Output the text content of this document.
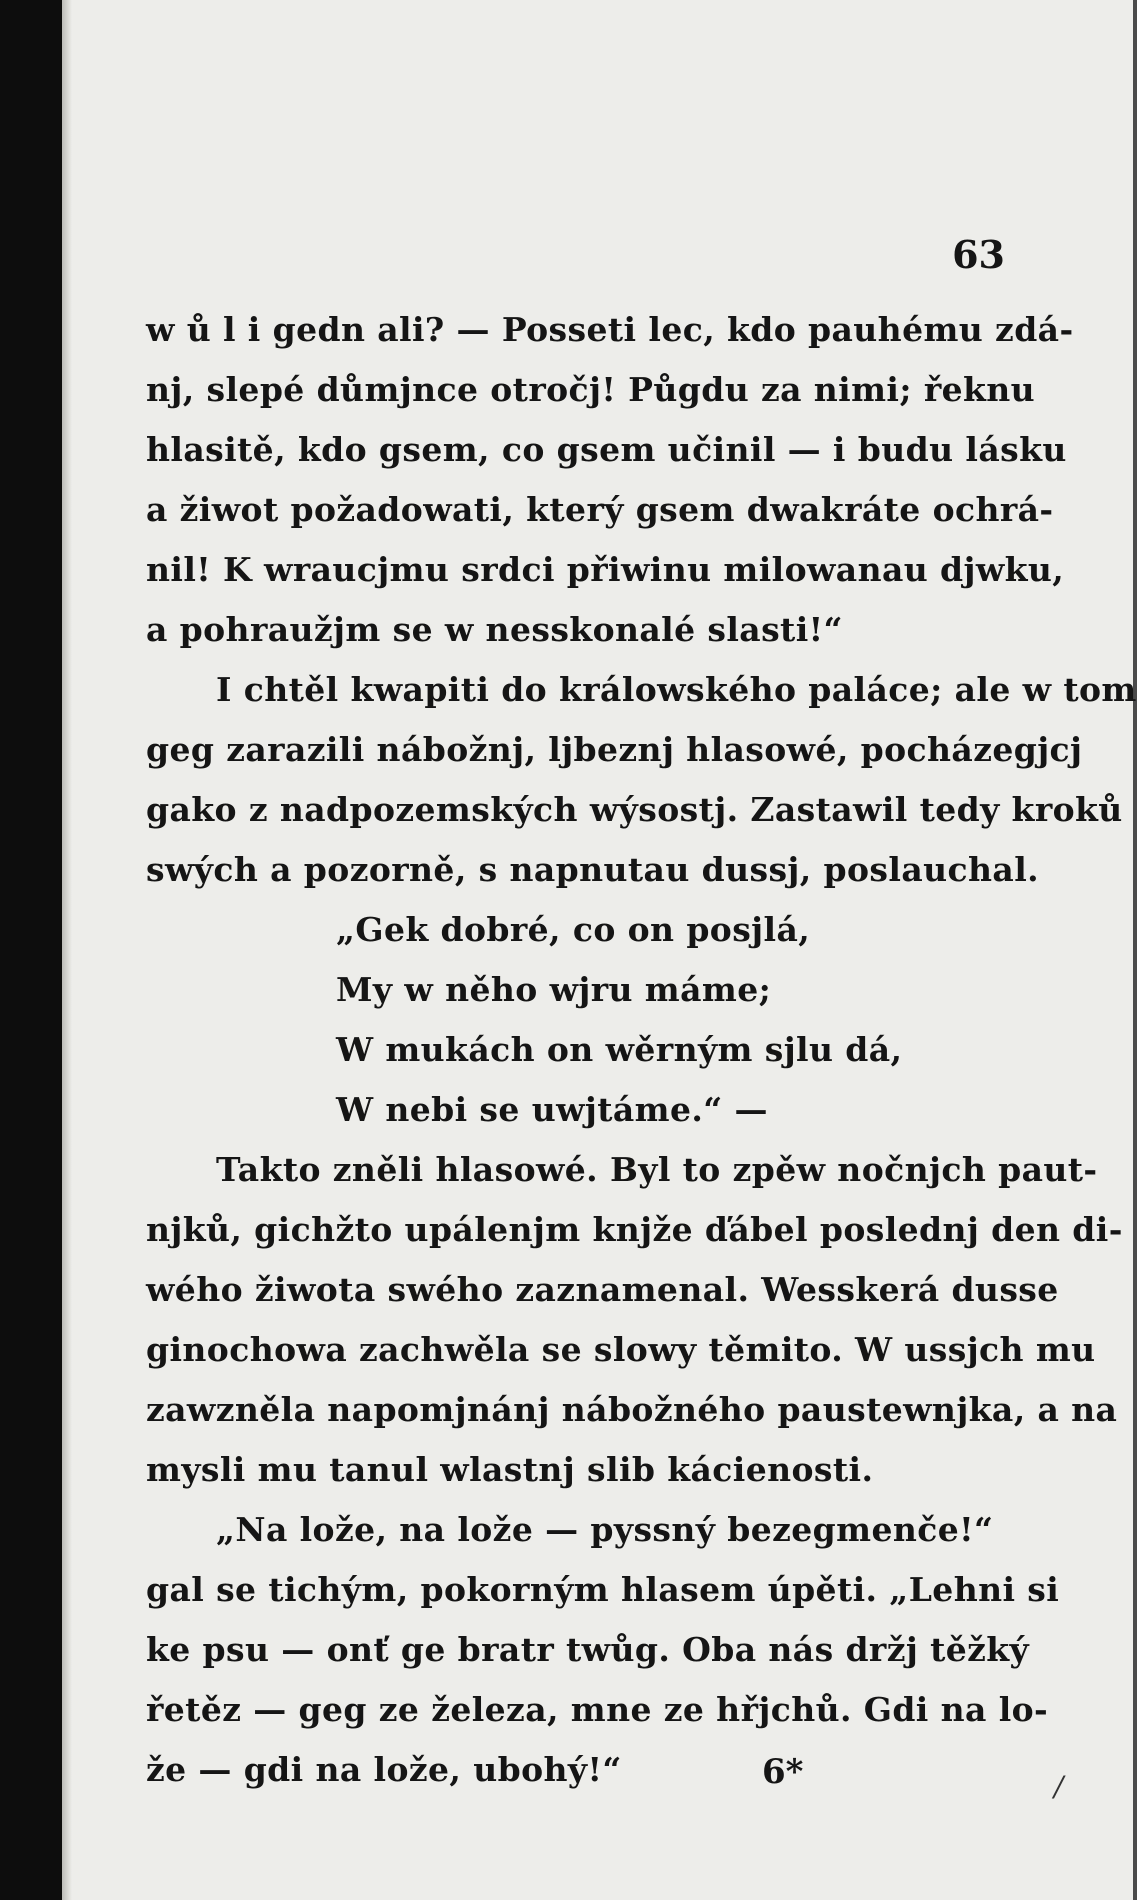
63
w ů l i gedn ali? — Posseti lec, kdo pauhému zdá-
nj, slepé důmjnce otročj! Půgdu za nimi; řeknu
hlasitě, kdo gsem, co gsem učinil — i budu lásku
a žiwot požadowati, který gsem dwakráte ochrá-
nil! K wraucjmu srdci přiwinu milowanau djwku,
a pohraužjm se w nesskonalé slasti!“
I chtěl kwapiti do králowského paláce; ale w tom
geg zarazili nábožnj, ljbeznj hlasowé, pocházegjcj
gako z nadpozemských wýsostj. Zastawil tedy kroků
swých a pozorně, s napnutau dussj, poslauchal.
„Gek dobré, co on posjlá,
My w něho wjru máme;
W mukách on wěrným sjlu dá,
W nebi se uwjtáme.“ —
Takto zněli hlasowé. Byl to zpěw nočnjch paut-
njků, gichžto upálenjm knjže ďábel poslednj den di-
wého žiwota swého zaznamenal. Wesskerá dusse
ginochowa zachwěla se slowy těmito. W ussjch mu
zawzněla napomjnánj nábožného paustewnjka, a na
mysli mu tanul wlastnj slib kácienosti.
„Na lože, na lože — pyssný bezegmenče!“
gal se tichým, pokorným hlasem úpěti. „Lehni si
ke psu — onť ge bratr twůg. Oba nás držj těžký
řetěz — geg ze železa, mne ze hřjchů. Gdi na lo-
že — gdi na lože, ubohý!“	6*	/
